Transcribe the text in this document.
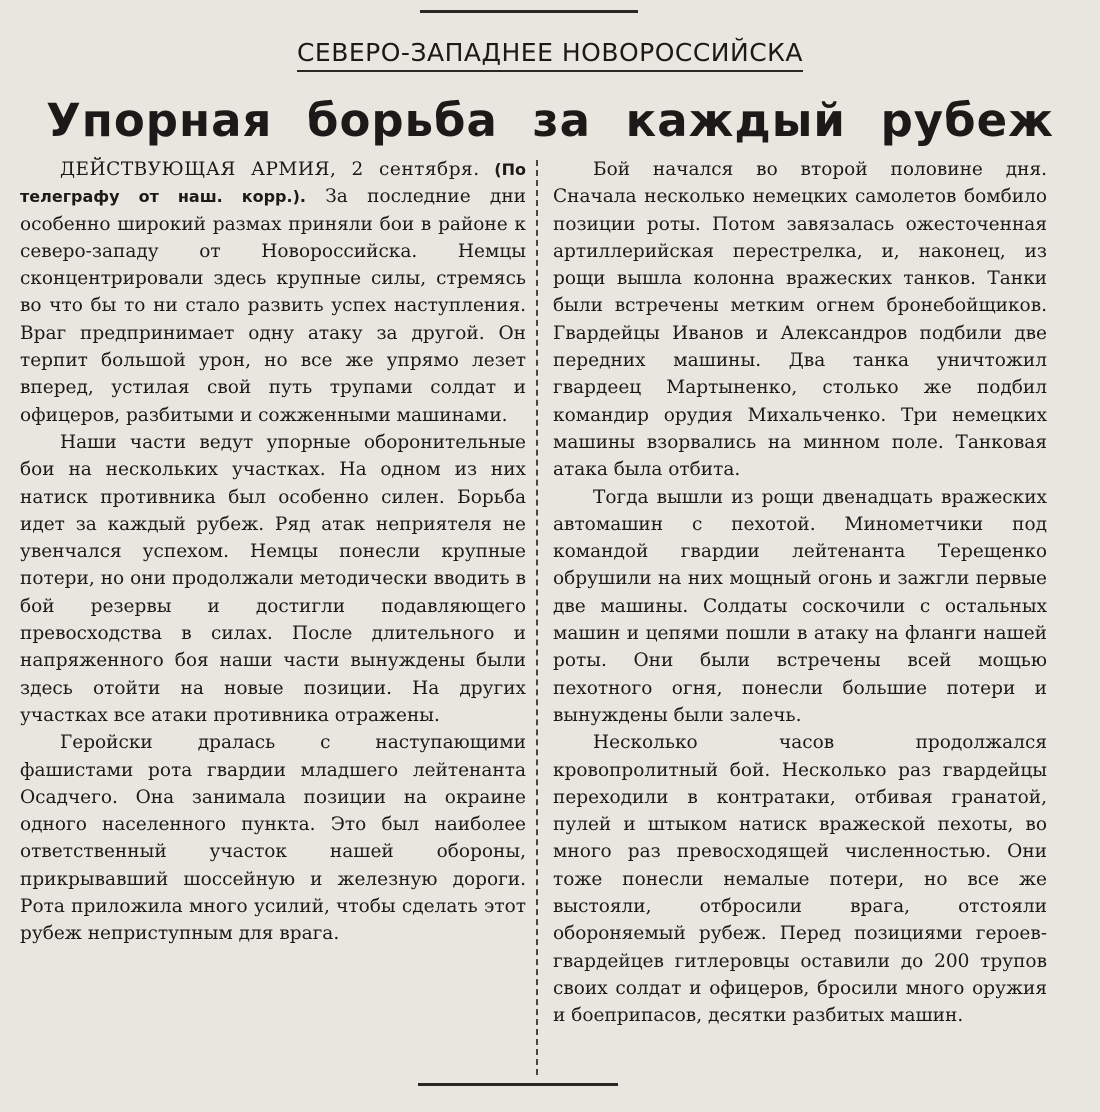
СЕВЕРО-ЗАПАДНЕЕ НОВОРОССИЙСКА
Упорная борьба за каждый рубеж

ДЕЙСТВУЮЩАЯ АРМИЯ, 2 сентября. (По телеграфу от наш. корр.). За последние дни особенно широкий размах приняли бои в районе к северо-западу от Новороссийска. Немцы сконцентрировали здесь крупные силы, стремясь во что бы то ни стало развить успех наступления. Враг предпринимает одну атаку за другой. Он терпит большой урон, но все же упрямо лезет вперед, устилая свой путь трупами солдат и офицеров, разбитыми и сожженными машинами.

Наши части ведут упорные оборонительные бои на нескольких участках. На одном из них натиск противника был особенно силен. Борьба идет за каждый рубеж. Ряд атак неприятеля не увенчался успехом. Немцы понесли крупные потери, но они продолжали методически вводить в бой резервы и достигли подавляющего превосходства в силах. После длительного и напряженного боя наши части вынуждены были здесь отойти на новые позиции. На других участках все атаки противника отражены.

Геройски дралась с наступающими фашистами рота гвардии младшего лейтенанта Осадчего. Она занимала позиции на окраине одного населенного пункта. Это был наиболее ответственный участок нашей обороны, прикрывавший шоссейную и железную дороги. Рота приложила много усилий, чтобы сделать этот рубеж неприступным для врага.

Бой начался во второй половине дня. Сначала несколько немецких самолетов бомбило позиции роты. Потом завязалась ожесточенная артиллерийская перестрелка, и, наконец, из рощи вышла колонна вражеских танков. Танки были встречены метким огнем бронебойщиков. Гвардейцы Иванов и Александров подбили две передних машины. Два танка уничтожил гвардеец Мартыненко, столько же подбил командир орудия Михальченко. Три немецких машины взорвались на минном поле. Танковая атака была отбита.

Тогда вышли из рощи двенадцать вражеских автомашин с пехотой. Минометчики под командой гвардии лейтенанта Терещенко обрушили на них мощный огонь и зажгли первые две машины. Солдаты соскочили с остальных машин и цепями пошли в атаку на фланги нашей роты. Они были встречены всей мощью пехотного огня, понесли большие потери и вынуждены были залечь.

Несколько часов продолжался кровопролитный бой. Несколько раз гвардейцы переходили в контратаки, отбивая гранатой, пулей и штыком натиск вражеской пехоты, во много раз превосходящей численностью. Они тоже понесли немалые потери, но все же выстояли, отбросили врага, отстояли обороняемый рубеж. Перед позициями героев-гвардейцев гитлеровцы оставили до 200 трупов своих солдат и офицеров, бросили много оружия и боеприпасов, десятки разбитых машин.
